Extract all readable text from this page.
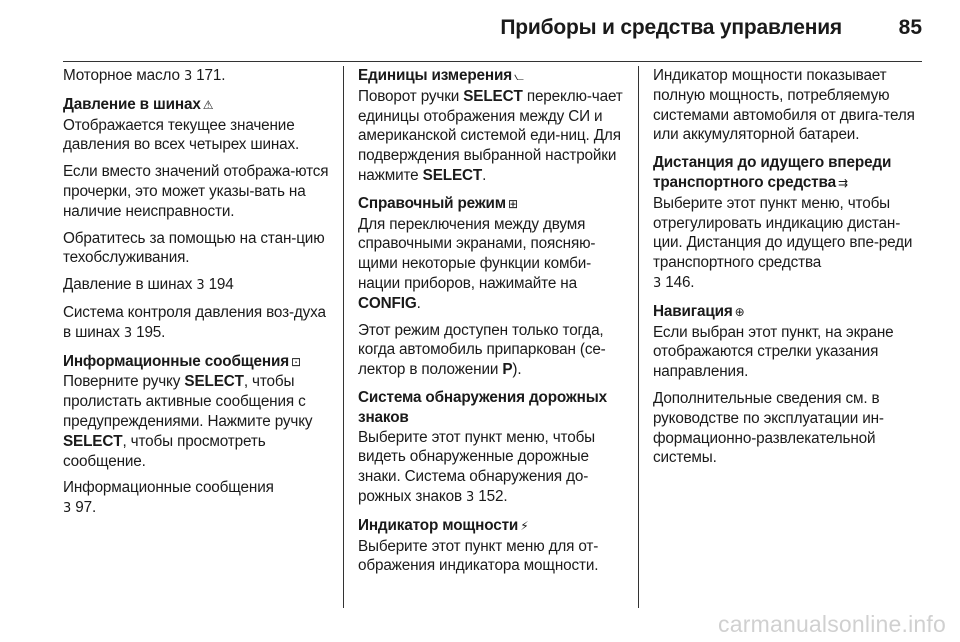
Приборы и средства управления	85

Моторное масло 3 171.

Давление в шинах ⚠

Отображается текущее значение давления во всех четырех шинах.

Если вместо значений отобража-ются прочерки, это может указы-вать на наличие неисправности.

Обратитесь за помощью на стан-цию техобслуживания.

Давление в шинах 3 194

Система контроля давления воз-духа в шинах 3 195.

Информационные сообщения ⊡

Поверните ручку SELECT, чтобы пролистать активные сообщения с предупреждениями. Нажмите ручку SELECT, чтобы просмотреть сообщение.

Информационные сообщения
3 97.

Единицы измерения ⦦

Поворот ручки SELECT переклю-чает единицы отображения между СИ и американской системой еди-ниц. Для подверждения выбранной настройки нажмите SELECT.

Справочный режим ⊞

Для переключения между двумя справочными экранами, поясняю-щими некоторые функции комби-нации приборов, нажимайте на CONFIG.

Этот режим доступен только тогда, когда автомобиль припаркован (се-лектор в положении P).

Система обнаружения дорожных знаков

Выберите этот пункт меню, чтобы видеть обнаруженные дорожные знаки. Система обнаружения до-рожных знаков 3 152.

Индикатор мощности ⚡

Выберите этот пункт меню для от-ображения индикатора мощности.

Индикатор мощности показывает полную мощность, потребляемую системами автомобиля от двига-теля или аккумуляторной батареи.

Дистанция до идущего впереди транспортного средства ⇉

Выберите этот пункт меню, чтобы отрегулировать индикацию дистан-ции. Дистанция до идущего впе-реди транспортного средства
3 146.

Навигация ⊕

Если выбран этот пункт, на экране отображаются стрелки указания направления.

Дополнительные сведения см. в руководстве по эксплуатации ин-формационно-развлекательной системы.

carmanualsonline.info
